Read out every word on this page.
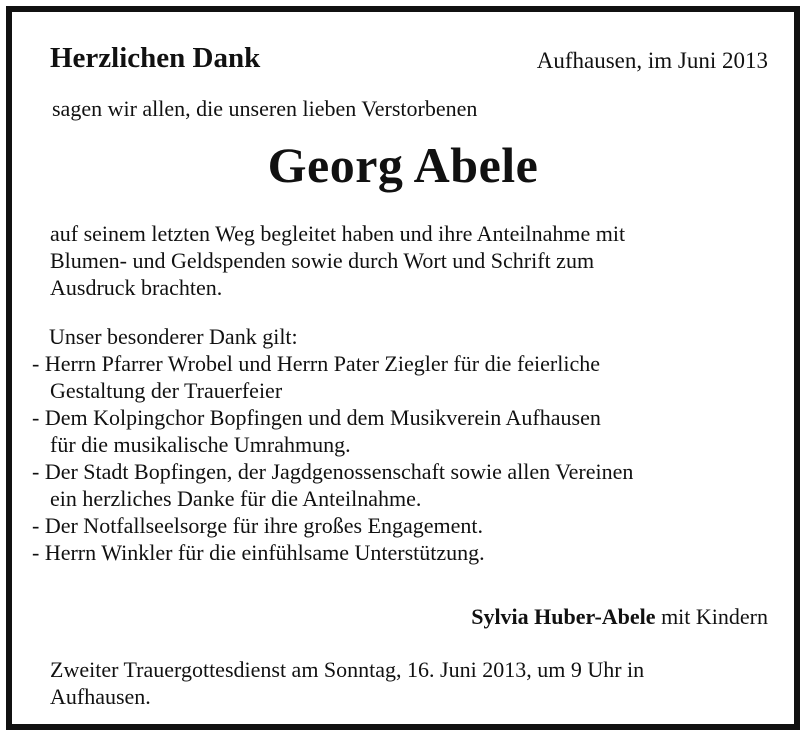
Herzlichen Dank	Aufhausen, im Juni 2013
sagen wir allen, die unseren lieben Verstorbenen
Georg Abele
auf seinem letzten Weg begleitet haben und ihre Anteilnahme mit
Blumen- und Geldspenden sowie durch Wort und Schrift zum
Ausdruck brachten.
Unser besonderer Dank gilt:
- Herrn Pfarrer Wrobel und Herrn Pater Ziegler für die feierliche
Gestaltung der Trauerfeier
- Dem Kolpingchor Bopfingen und dem Musikverein Aufhausen
für die musikalische Umrahmung.
- Der Stadt Bopfingen, der Jagdgenossenschaft sowie allen Vereinen
ein herzliches Danke für die Anteilnahme.
- Der Notfallseelsorge für ihre großes Engagement.
- Herrn Winkler für die einfühlsame Unterstützung.
Sylvia Huber-Abele mit Kindern
Zweiter Trauergottesdienst am Sonntag, 16. Juni 2013, um 9 Uhr in
Aufhausen.
